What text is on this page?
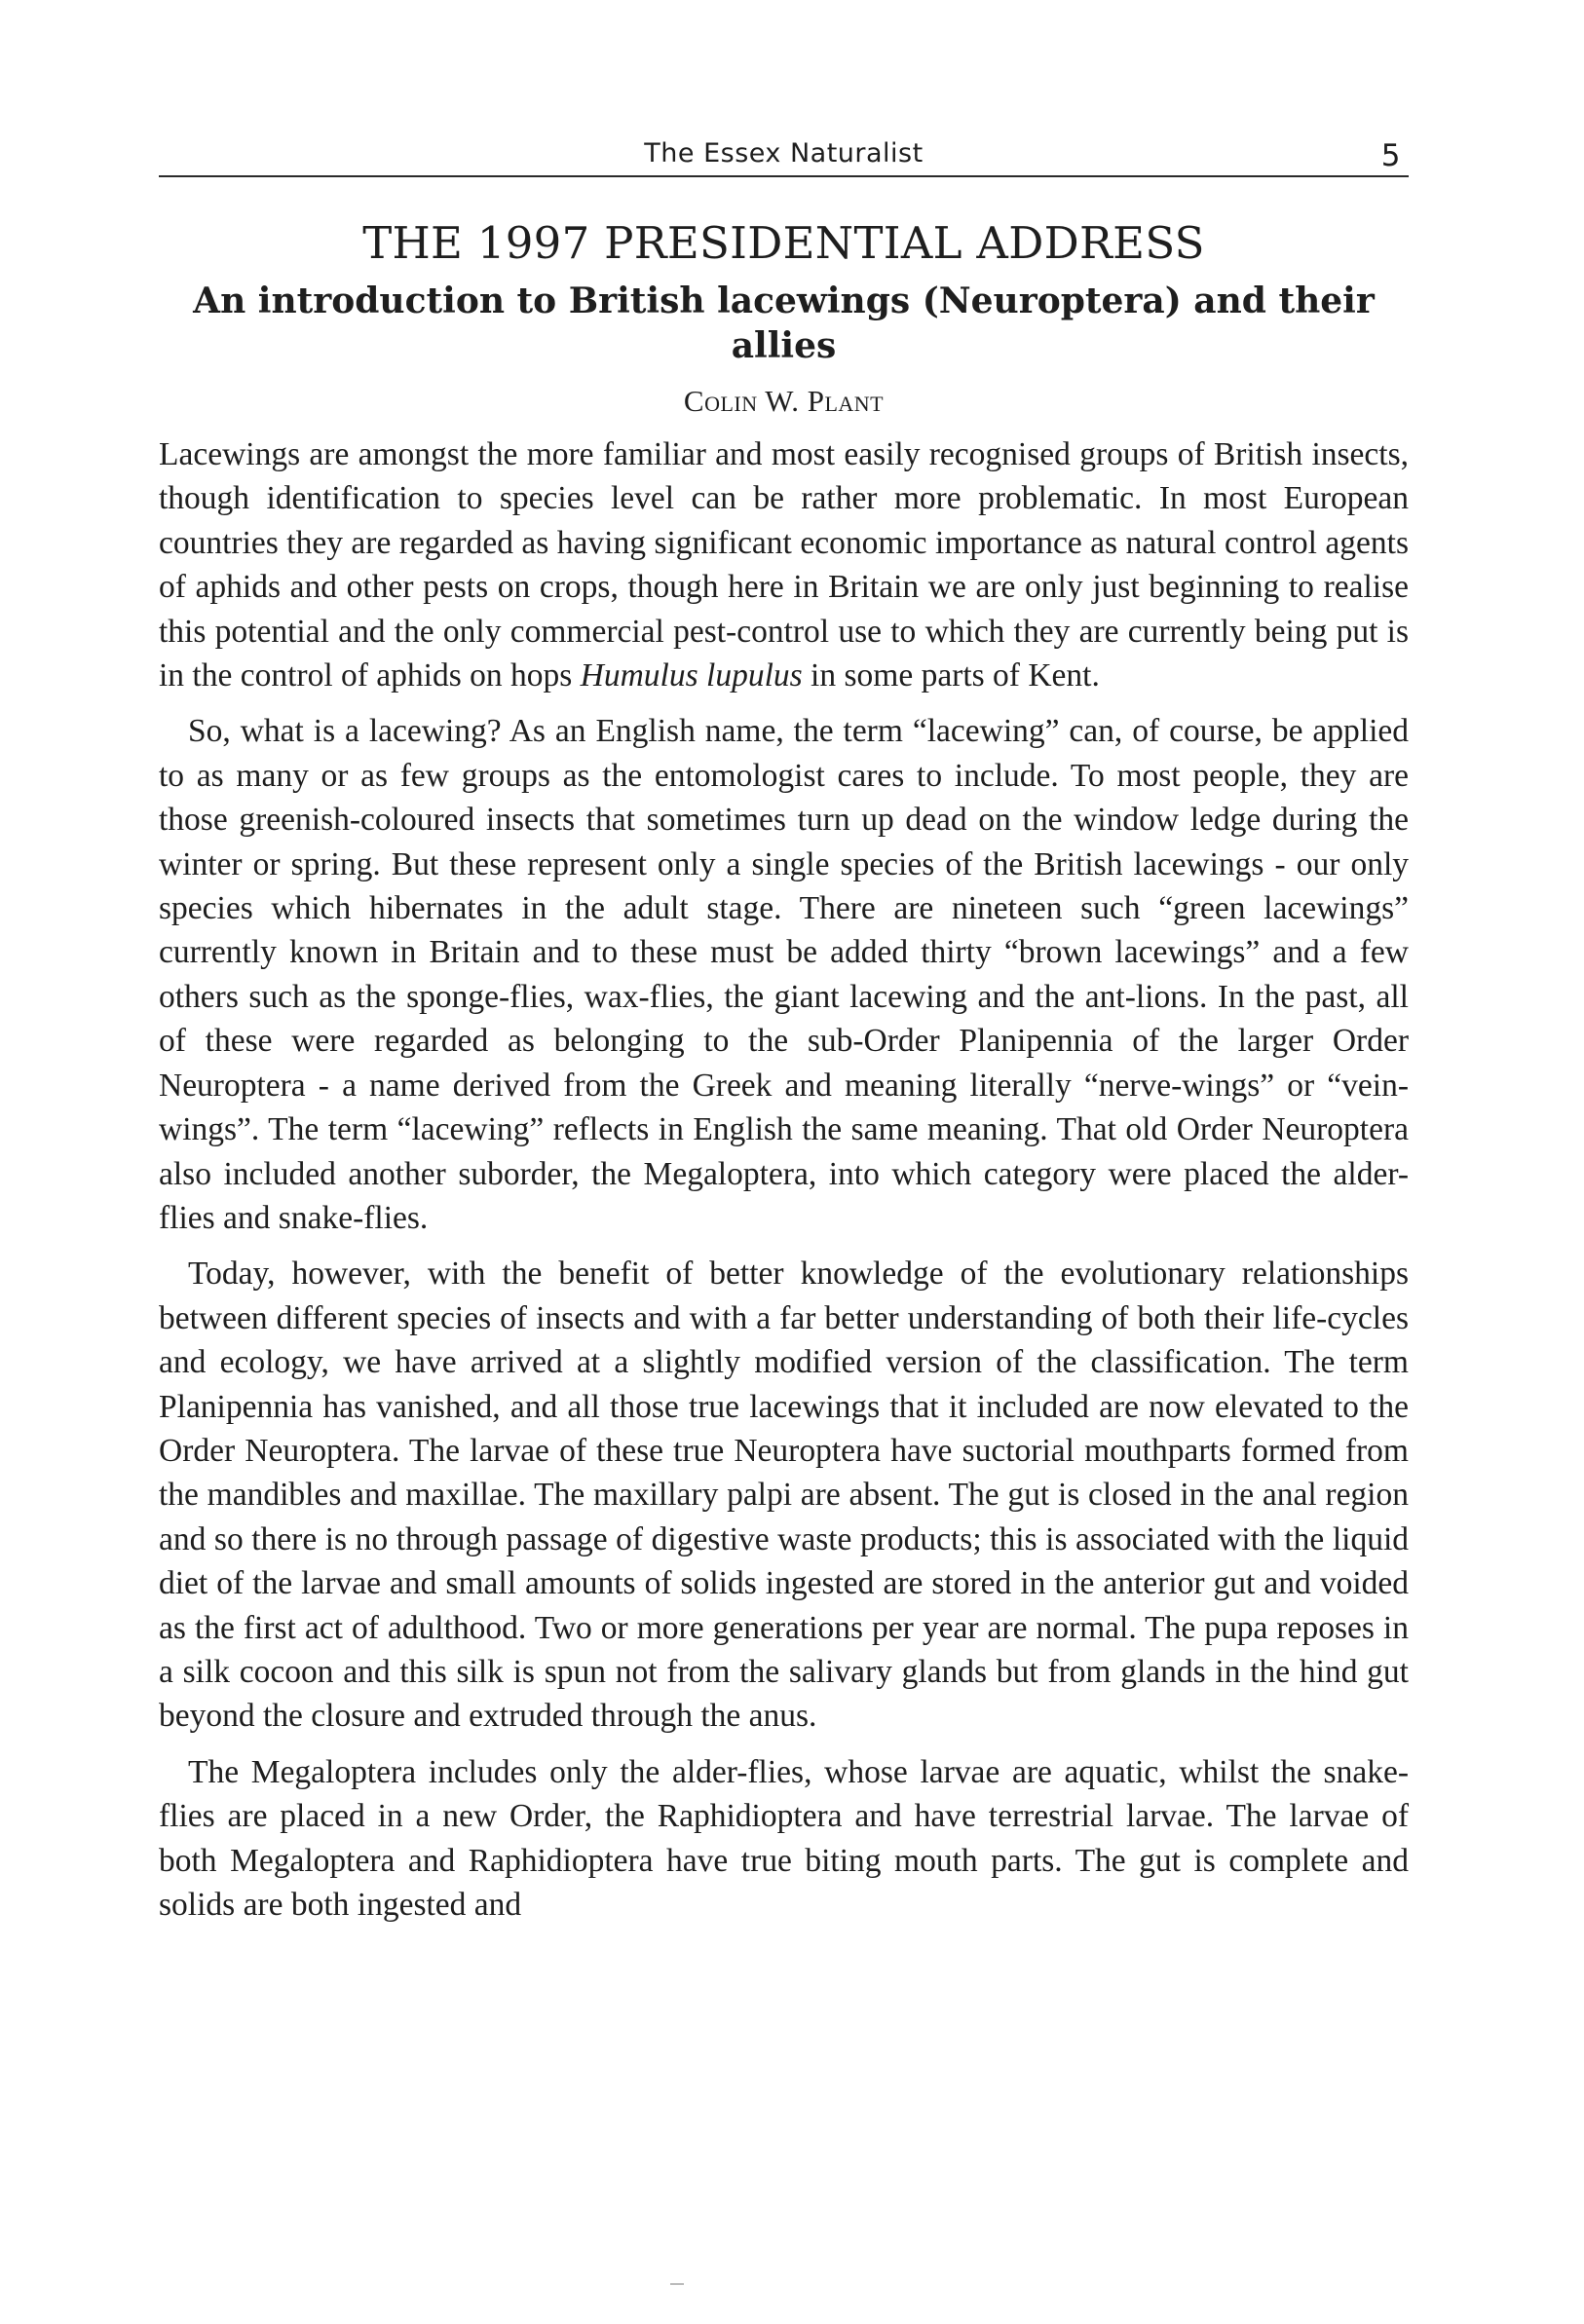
The Essex Naturalist	5
THE 1997 PRESIDENTIAL ADDRESS
An introduction to British lacewings (Neuroptera) and their allies
Colin W. Plant

Lacewings are amongst the more familiar and most easily recognised groups of British insects, though identification to species level can be rather more problematic. In most European countries they are regarded as having significant economic importance as natural control agents of aphids and other pests on crops, though here in Britain we are only just beginning to realise this potential and the only commercial pest-control use to which they are currently being put is in the control of aphids on hops Humulus lupulus in some parts of Kent.

So, what is a lacewing? As an English name, the term “lacewing” can, of course, be applied to as many or as few groups as the entomologist cares to include. To most people, they are those greenish-coloured insects that sometimes turn up dead on the window ledge during the winter or spring. But these represent only a single species of the British lacewings - our only species which hibernates in the adult stage. There are nineteen such “green lacewings” currently known in Britain and to these must be added thirty “brown lacewings” and a few others such as the sponge-flies, wax-flies, the giant lacewing and the ant-lions. In the past, all of these were regarded as belonging to the sub-Order Planipennia of the larger Order Neuroptera - a name derived from the Greek and meaning literally “nerve-wings” or “vein-wings”. The term “lacewing” reflects in English the same meaning. That old Order Neuroptera also included another suborder, the Megaloptera, into which category were placed the alder-flies and snake-flies.

Today, however, with the benefit of better knowledge of the evolutionary relationships between different species of insects and with a far better understanding of both their life-cycles and ecology, we have arrived at a slightly modified version of the classification. The term Planipennia has vanished, and all those true lacewings that it included are now elevated to the Order Neuroptera. The larvae of these true Neuroptera have suctorial mouthparts formed from the mandibles and maxillae. The maxillary palpi are absent. The gut is closed in the anal region and so there is no through passage of digestive waste products; this is associated with the liquid diet of the larvae and small amounts of solids ingested are stored in the anterior gut and voided as the first act of adulthood. Two or more generations per year are normal. The pupa reposes in a silk cocoon and this silk is spun not from the salivary glands but from glands in the hind gut beyond the closure and extruded through the anus.

The Megaloptera includes only the alder-flies, whose larvae are aquatic, whilst the snake-flies are placed in a new Order, the Raphidioptera and have terrestrial larvae. The larvae of both Megaloptera and Raphidioptera have true biting mouth parts. The gut is complete and solids are both ingested and
